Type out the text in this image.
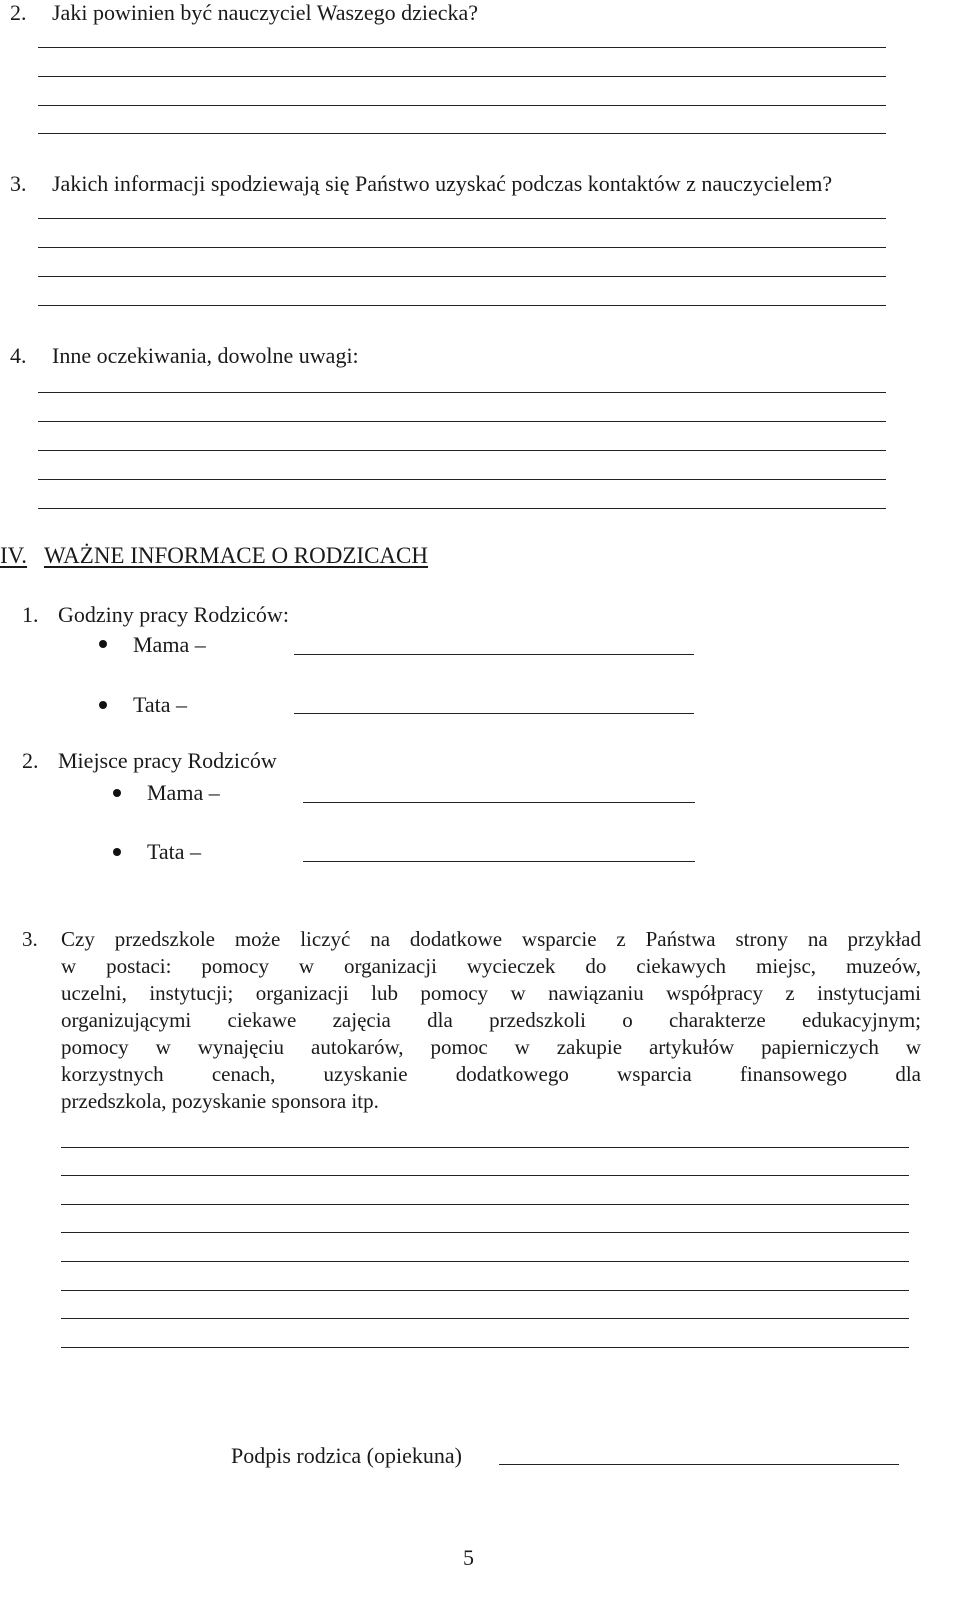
2. Jaki powinien być nauczyciel Waszego dziecka?
3. Jakich informacji spodziewają się Państwo uzyskać podczas kontaktów z nauczycielem?
4. Inne oczekiwania, dowolne uwagi:
IV. WAŻNE INFORMACE O RODZICACH
1. Godziny pracy Rodziców:
Mama –
Tata –
2. Miejsce pracy Rodziców
Mama –
Tata –
3. Czy przedszkole może liczyć na dodatkowe wsparcie z Państwa strony na przykład
w postaci: pomocy w organizacji wycieczek do ciekawych miejsc, muzeów,
uczelni, instytucji; organizacji lub pomocy w nawiązaniu współpracy z instytucjami
organizującymi ciekawe zajęcia dla przedszkoli o charakterze edukacyjnym;
pomocy w wynajęciu autokarów, pomoc w zakupie artykułów papierniczych w
korzystnych cenach, uzyskanie dodatkowego wsparcia finansowego dla
przedszkola, pozyskanie sponsora itp.
Podpis rodzica (opiekuna)
5
